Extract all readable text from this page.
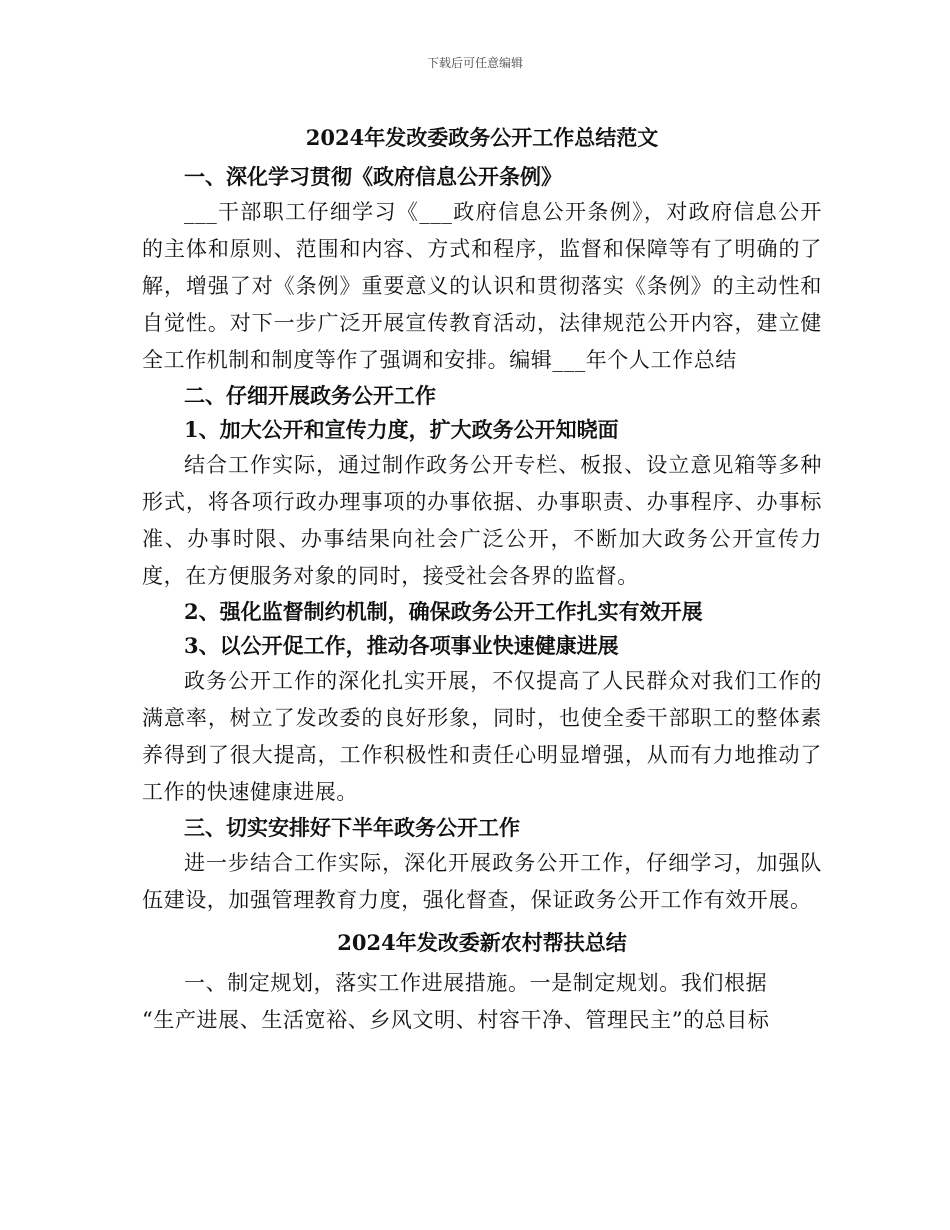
下载后可任意编辑
2024年发改委政务公开工作总结范文
一、深化学习贯彻《政府信息公开条例》
___干部职工仔细学习《___政府信息公开条例》，对政府信息公开的主体和原则、范围和内容、方式和程序，监督和保障等有了明确的了解，增强了对《条例》重要意义的认识和贯彻落实《条例》的主动性和自觉性。对下一步广泛开展宣传教育活动，法律规范公开内容，建立健全工作机制和制度等作了强调和安排。编辑___年个人工作总结
二、仔细开展政务公开工作
1、加大公开和宣传力度，扩大政务公开知晓面
结合工作实际，通过制作政务公开专栏、板报、设立意见箱等多种形式，将各项行政办理事项的办事依据、办事职责、办事程序、办事标准、办事时限、办事结果向社会广泛公开，不断加大政务公开宣传力度，在方便服务对象的同时，接受社会各界的监督。
2、强化监督制约机制，确保政务公开工作扎实有效开展
3、以公开促工作，推动各项事业快速健康进展
政务公开工作的深化扎实开展，不仅提高了人民群众对我们工作的满意率，树立了发改委的良好形象，同时，也使全委干部职工的整体素养得到了很大提高，工作积极性和责任心明显增强，从而有力地推动了工作的快速健康进展。
三、切实安排好下半年政务公开工作
进一步结合工作实际，深化开展政务公开工作，仔细学习，加强队伍建设，加强管理教育力度，强化督查，保证政务公开工作有效开展。
2024年发改委新农村帮扶总结
一、制定规划，落实工作进展措施。一是制定规划。我们根据
“生产进展、生活宽裕、乡风文明、村容干净、管理民主”的总目标
